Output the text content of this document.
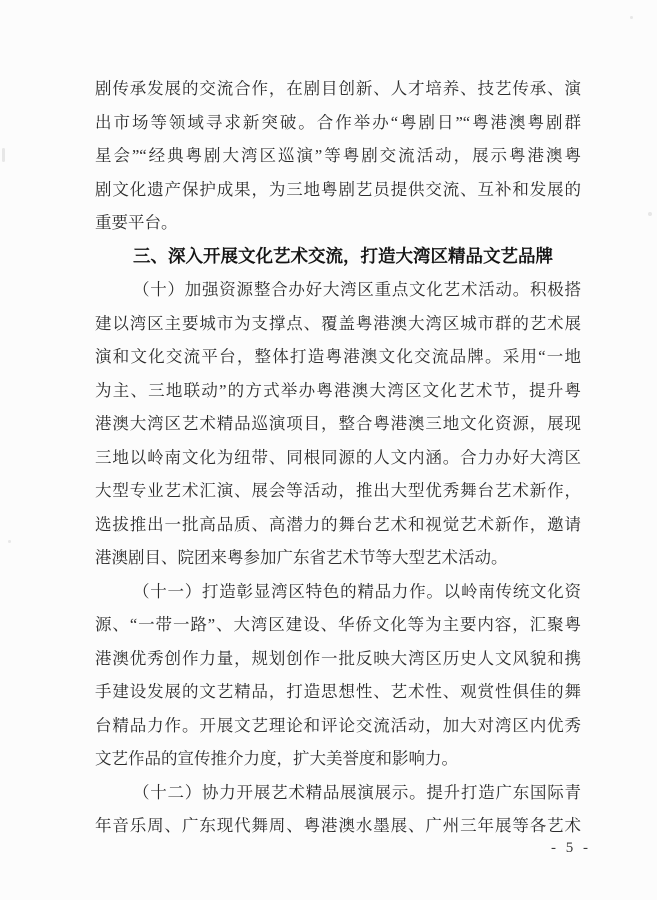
剧传承发展的交流合作，在剧目创新、人才培养、技艺传承、演
出市场等领域寻求新突破。合作举办“粤剧日”“粤港澳粤剧群
星会”“经典粤剧大湾区巡演”等粤剧交流活动，展示粤港澳粤
剧文化遗产保护成果，为三地粤剧艺员提供交流、互补和发展的
重要平台。
三、深入开展文化艺术交流，打造大湾区精品文艺品牌
（十）加强资源整合办好大湾区重点文化艺术活动。积极搭
建以湾区主要城市为支撑点、覆盖粤港澳大湾区城市群的艺术展
演和文化交流平台，整体打造粤港澳文化交流品牌。采用“一地
为主、三地联动”的方式举办粤港澳大湾区文化艺术节，提升粤
港澳大湾区艺术精品巡演项目，整合粤港澳三地文化资源，展现
三地以岭南文化为纽带、同根同源的人文内涵。合力办好大湾区
大型专业艺术汇演、展会等活动，推出大型优秀舞台艺术新作，
选拔推出一批高品质、高潜力的舞台艺术和视觉艺术新作，邀请
港澳剧目、院团来粤参加广东省艺术节等大型艺术活动。
（十一）打造彰显湾区特色的精品力作。以岭南传统文化资
源、“一带一路”、大湾区建设、华侨文化等为主要内容，汇聚粤
港澳优秀创作力量，规划创作一批反映大湾区历史人文风貌和携
手建设发展的文艺精品，打造思想性、艺术性、观赏性俱佳的舞
台精品力作。开展文艺理论和评论交流活动，加大对湾区内优秀
文艺作品的宣传推介力度，扩大美誉度和影响力。
（十二）协力开展艺术精品展演展示。提升打造广东国际青
年音乐周、广东现代舞周、粤港澳水墨展、广州三年展等各艺术
- 5 -
